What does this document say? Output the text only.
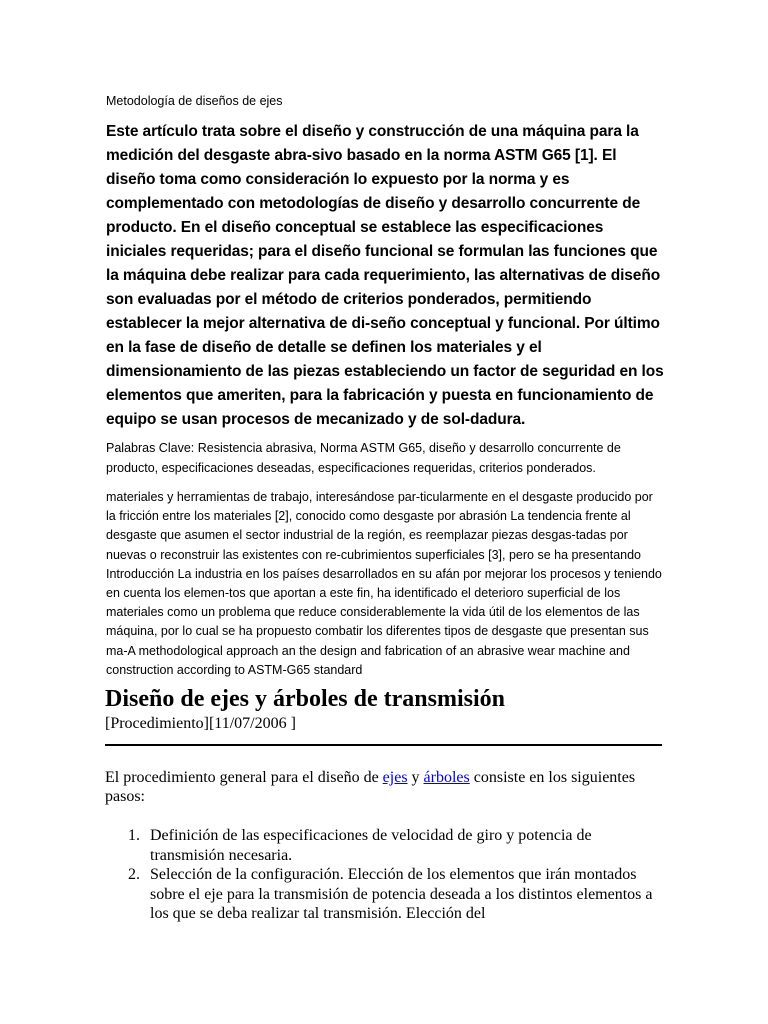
Metodología de diseños de ejes

Este artículo trata sobre el diseño y construcción de una máquina para la medición del desgaste abra-sivo basado en la norma ASTM G65 [1]. El diseño toma como consideración lo expuesto por la norma y es complementado con metodologías de diseño y desarrollo concurrente de producto. En el diseño conceptual se establece las especificaciones iniciales requeridas; para el diseño funcional se formulan las funciones que la máquina debe realizar para cada requerimiento, las alternativas de diseño son evaluadas por el método de criterios ponderados, permitiendo establecer la mejor alternativa de di-seño conceptual y funcional. Por último en la fase de diseño de detalle se definen los materiales y el dimensionamiento de las piezas estableciendo un factor de seguridad en los elementos que ameriten, para la fabricación y puesta en funcionamiento de equipo se usan procesos de mecanizado y de sol-dadura.

Palabras Clave: Resistencia abrasiva, Norma ASTM G65, diseño y desarrollo concurrente de producto, especificaciones deseadas, especificaciones requeridas, criterios ponderados.

materiales y herramientas de trabajo, interesándose par-ticularmente en el desgaste producido por la fricción entre los materiales [2], conocido como desgaste por abrasión La tendencia frente al desgaste que asumen el sector industrial de la región, es reemplazar piezas desgas-tadas por nuevas o reconstruir las existentes con re-cubrimientos superficiales [3], pero se ha presentando Introducción La industria en los países desarrollados en su afán por mejorar los procesos y teniendo en cuenta los elemen-tos que aportan a este fin, ha identificado el deterioro superficial de los materiales como un problema que reduce considerablemente la vida útil de los elementos de las máquina, por lo cual se ha propuesto combatir los diferentes tipos de desgaste que presentan sus ma-A methodological approach an the design and fabrication of an abrasive wear machine and construction according to ASTM-G65 standard

Diseño de ejes y árboles de transmisión

[Procedimiento][11/07/2006 ]

El procedimiento general para el diseño de ejes y árboles consiste en los siguientes pasos:

1. Definición de las especificaciones de velocidad de giro y potencia de transmisión necesaria.
2. Selección de la configuración. Elección de los elementos que irán montados sobre el eje para la transmisión de potencia deseada a los distintos elementos a los que se deba realizar tal transmisión. Elección del
